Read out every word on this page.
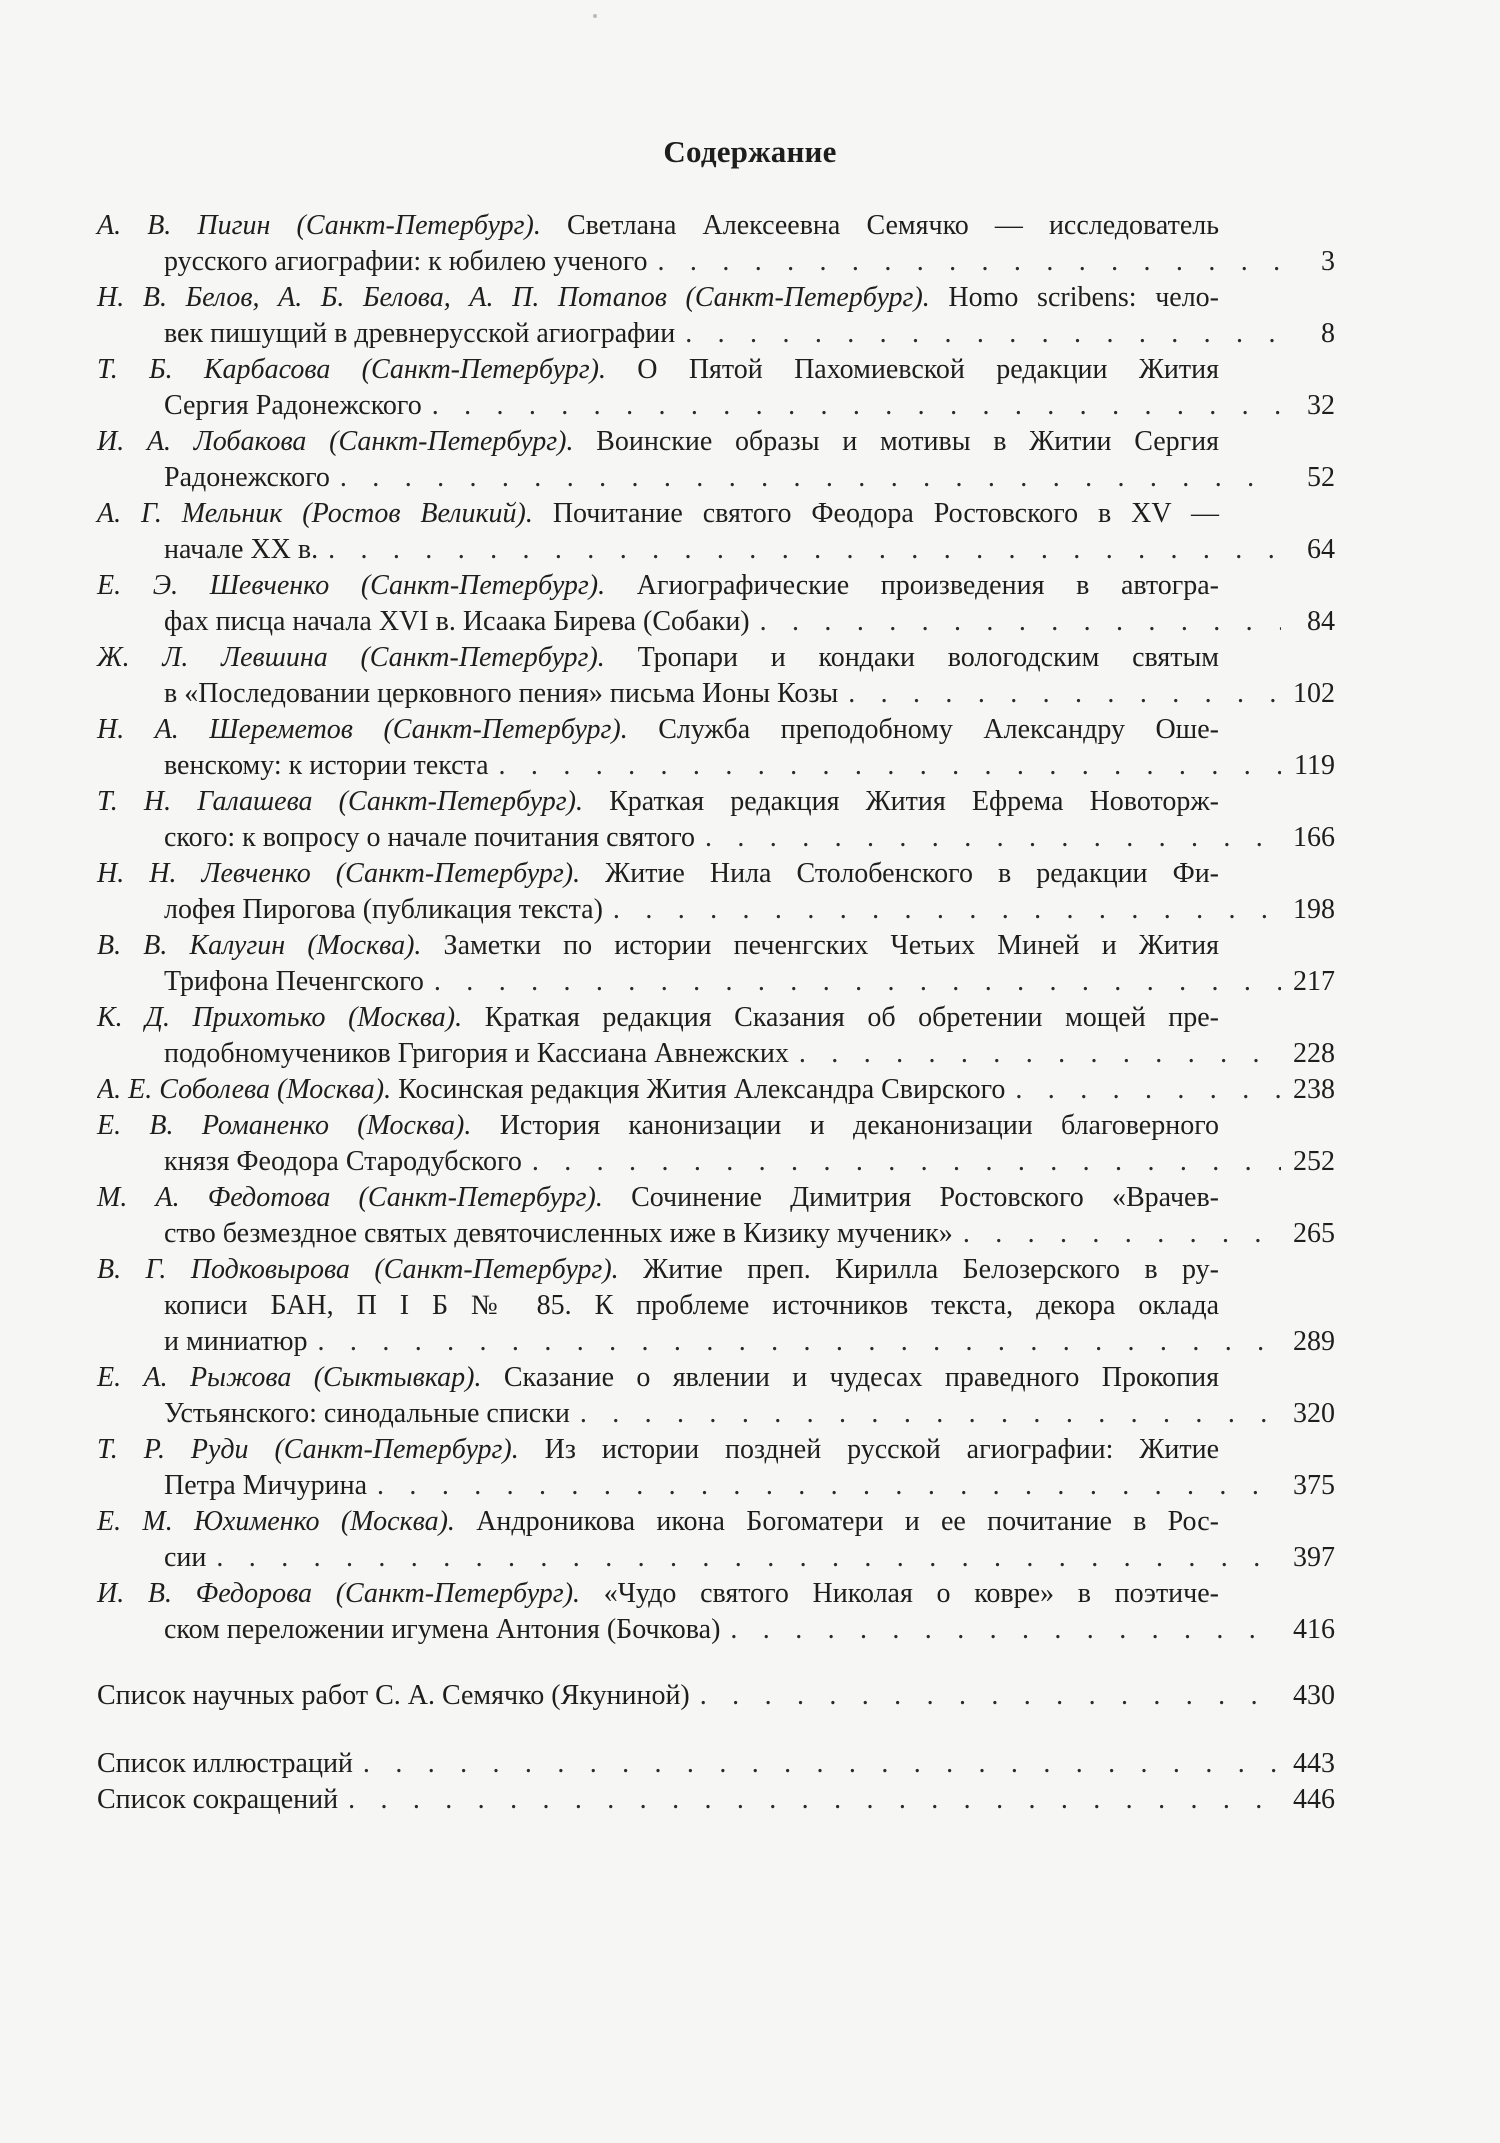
Содержание
А. В. Пигин (Санкт-Петербург). Светлана Алексеевна Семячко — исследователь
русского агиографии: к юбилею ученого . . .	3
Н. В. Белов, А. Б. Белова, А. П. Потапов (Санкт-Петербург). Homo scribens: чело-
век пишущий в древнерусской агиографии . . .	8
Т. Б. Карбасова (Санкт-Петербург). О Пятой Пахомиевской редакции Жития
Сергия Радонежского . . .	32
И. А. Лобакова (Санкт-Петербург). Воинские образы и мотивы в Житии Сергия
Радонежского . . .	52
А. Г. Мельник (Ростов Великий). Почитание святого Феодора Ростовского в XV —
начале XX в. . . .	64
Е. Э. Шевченко (Санкт-Петербург). Агиографические произведения в автогра-
фах писца начала XVI в. Исаака Бирева (Собаки) . . .	84
Ж. Л. Левшина (Санкт-Петербург). Тропари и кондаки вологодским святым
в «Последовании церковного пения» письма Ионы Козы . . .	102
Н. А. Шереметов (Санкт-Петербург). Служба преподобному Александру Оше-
венскому: к истории текста . . .	119
Т. Н. Галашева (Санкт-Петербург). Краткая редакция Жития Ефрема Новоторж-
ского: к вопросу о начале почитания святого . . .	166
Н. Н. Левченко (Санкт-Петербург). Житие Нила Столобенского в редакции Фи-
лофея Пирогова (публикация текста) . . .	198
В. В. Калугин (Москва). Заметки по истории печенгских Четьих Миней и Жития
Трифона Печенгского . . .	217
К. Д. Прихотько (Москва). Краткая редакция Сказания об обретении мощей пре-
подобномучеников Григория и Кассиана Авнежских . . .	228
А. Е. Соболева (Москва). Косинская редакция Жития Александра Свирского . . .	238
Е. В. Романенко (Москва). История канонизации и деканонизации благоверного
князя Феодора Стародубского . . .	252
М. А. Федотова (Санкт-Петербург). Сочинение Димитрия Ростовского «Врачев-
ство безмездное святых девяточисленных иже в Кизику мученик» . . .	265
В. Г. Подковырова (Санкт-Петербург). Житие преп. Кирилла Белозерского в ру-
кописи БАН, П I Б № 85. К проблеме источников текста, декора оклада
и миниатюр . . .	289
Е. А. Рыжова (Сыктывкар). Сказание о явлении и чудесах праведного Прокопия
Устьянского: синодальные списки . . .	320
Т. Р. Руди (Санкт-Петербург). Из истории поздней русской агиографии: Житие
Петра Мичурина . . .	375
Е. М. Юхименко (Москва). Андроникова икона Богоматери и ее почитание в Рос-
сии . . .	397
И. В. Федорова (Санкт-Петербург). «Чудо святого Николая о ковре» в поэтиче-
ском переложении игумена Антония (Бочкова) . . .	416
Список научных работ С. А. Семячко (Якуниной) . . .	430
Список иллюстраций . . .	443
Список сокращений . . .	446
